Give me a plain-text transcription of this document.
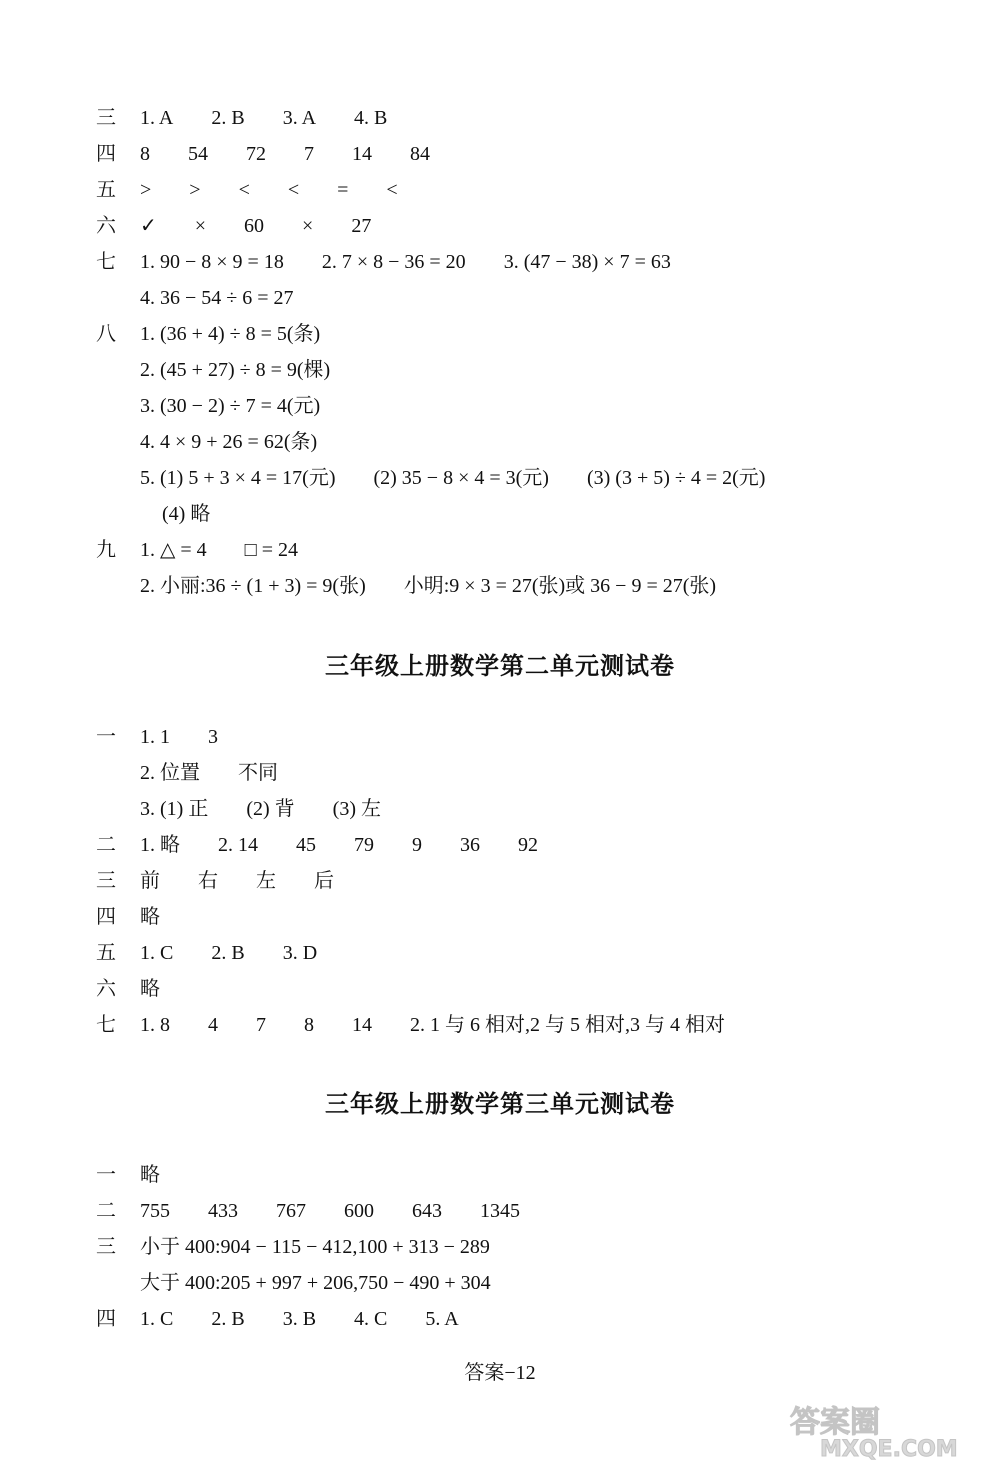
三	1. A 2. B 3. A 4. B
四	8 54 72 7 14 84
五	> > < < = <
六	✓ × 60 × 27
七	1. 90 − 8 × 9 = 18 2. 7 × 8 − 36 = 20 3. (47 − 38) × 7 = 63
4. 36 − 54 ÷ 6 = 27
八	1. (36 + 4) ÷ 8 = 5(条)
2. (45 + 27) ÷ 8 = 9(棵)
3. (30 − 2) ÷ 7 = 4(元)
4. 4 × 9 + 26 = 62(条)
5. (1) 5 + 3 × 4 = 17(元) (2) 35 − 8 × 4 = 3(元) (3) (3 + 5) ÷ 4 = 2(元)
(4) 略
九	1. △ = 4 □ = 24
2. 小丽:36 ÷ (1 + 3) = 9(张) 小明:9 × 3 = 27(张)或 36 − 9 = 27(张)
三年级上册数学第二单元测试卷
一	1. 1 3
2. 位置 不同
3. (1) 正 (2) 背 (3) 左
二	1. 略 2. 14 45 79 9 36 92
三	前 右 左 后
四	略
五	1. C 2. B 3. D
六	略
七	1. 8 4 7 8 14 2. 1 与 6 相对,2 与 5 相对,3 与 4 相对
三年级上册数学第三单元测试卷
一	略
二	755 433 767 600 643 1345
三	小于 400:904 − 115 − 412,100 + 313 − 289
大于 400:205 + 997 + 206,750 − 490 + 304
四	1. C 2. B 3. B 4. C 5. A
答案−12
答案圈
MXQE.COM
